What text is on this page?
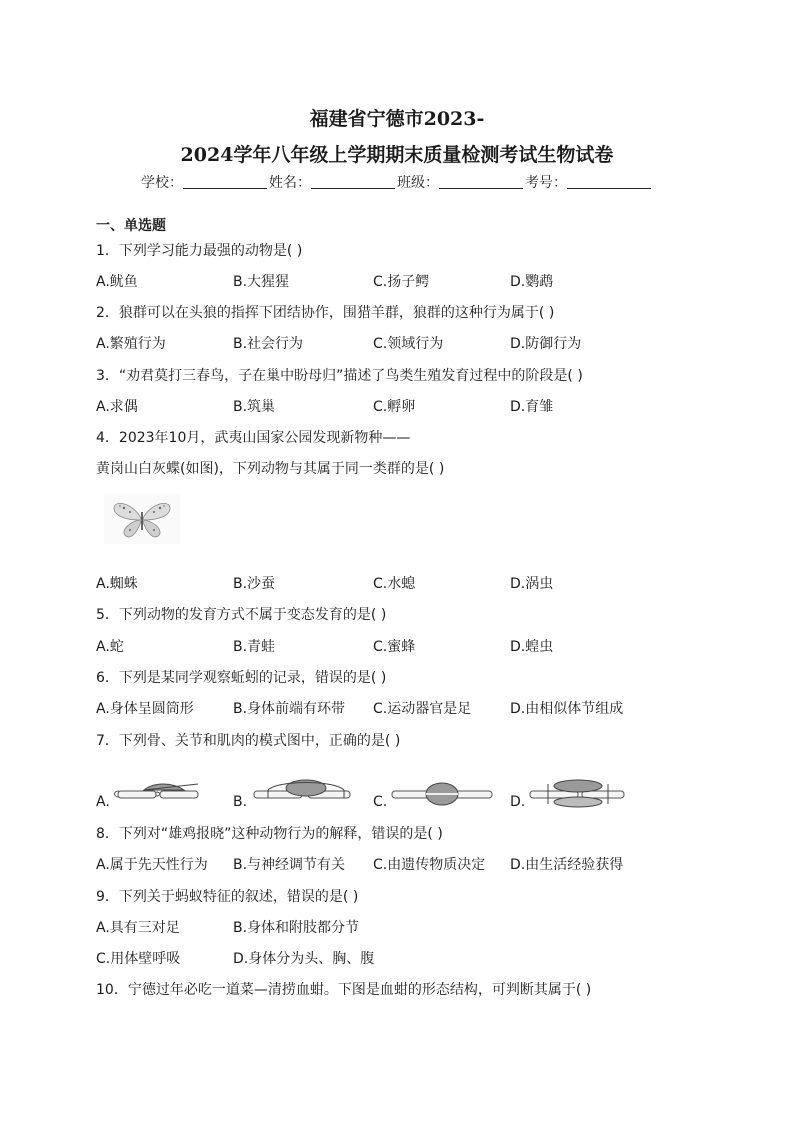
福建省宁德市2023-
2024学年八年级上学期期末质量检测考试生物试卷
学校：	姓名：	班级：	考号：
一、单选题
1．下列学习能力最强的动物是( )
A.鱿鱼	B.大猩猩	C.扬子鳄	D.鹦鹉
2．狼群可以在头狼的指挥下团结协作，围猎羊群，狼群的这种行为属于( )
A.繁殖行为	B.社会行为	C.领域行为	D.防御行为
3．“劝君莫打三春鸟，子在巢中盼母归”描述了鸟类生殖发育过程中的阶段是( )
A.求偶	B.筑巢	C.孵卵	D.育雏
4．2023年10月，武夷山国家公园发现新物种——
黄岗山白灰蝶(如图)，下列动物与其属于同一类群的是( )
A.蜘蛛	B.沙蚕	C.水螅	D.涡虫
5．下列动物的发育方式不属于变态发育的是( )
A.蛇	B.青蛙	C.蜜蜂	D.蝗虫
6．下列是某同学观察蚯蚓的记录，错误的是( )
A.身体呈圆筒形	B.身体前端有环带 C.运动器官是足	D.由相似体节组成
7．下列骨、关节和肌肉的模式图中，正确的是( )
A.	B.	C.	D.
8．下列对“雄鸡报晓”这种动物行为的解释，错误的是( )
A.属于先天性行为 B.与神经调节有关 C.由遗传物质决定 D.由生活经验获得
9．下列关于蚂蚁特征的叙述，错误的是( )
A.具有三对足	B.身体和附肢都分节
C.用体壁呼吸	D.身体分为头、胸、腹
10．宁德过年必吃一道菜—清捞血蚶。下图是血蚶的形态结构，可判断其属于( )
